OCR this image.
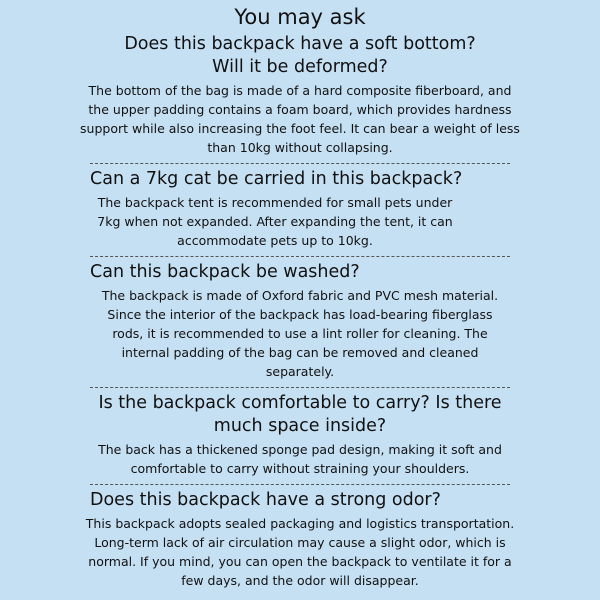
You may ask
Does this backpack have a soft bottom?
Will it be deformed?

The bottom of the bag is made of a hard composite fiberboard, and the upper padding contains a foam board, which provides hardness support while also increasing the foot feel. It can bear a weight of less than 10kg without collapsing.

Can a 7kg cat be carried in this backpack?

The backpack tent is recommended for small pets under 7kg when not expanded. After expanding the tent, it can accommodate pets up to 10kg.

Can this backpack be washed?

The backpack is made of Oxford fabric and PVC mesh material. Since the interior of the backpack has load-bearing fiberglass rods, it is recommended to use a lint roller for cleaning. The internal padding of the bag can be removed and cleaned separately.

Is the backpack comfortable to carry? Is there
much space inside?

The back has a thickened sponge pad design, making it soft and comfortable to carry without straining your shoulders.

Does this backpack have a strong odor?

This backpack adopts sealed packaging and logistics transportation. Long-term lack of air circulation may cause a slight odor, which is normal. If you mind, you can open the backpack to ventilate it for a few days, and the odor will disappear.
